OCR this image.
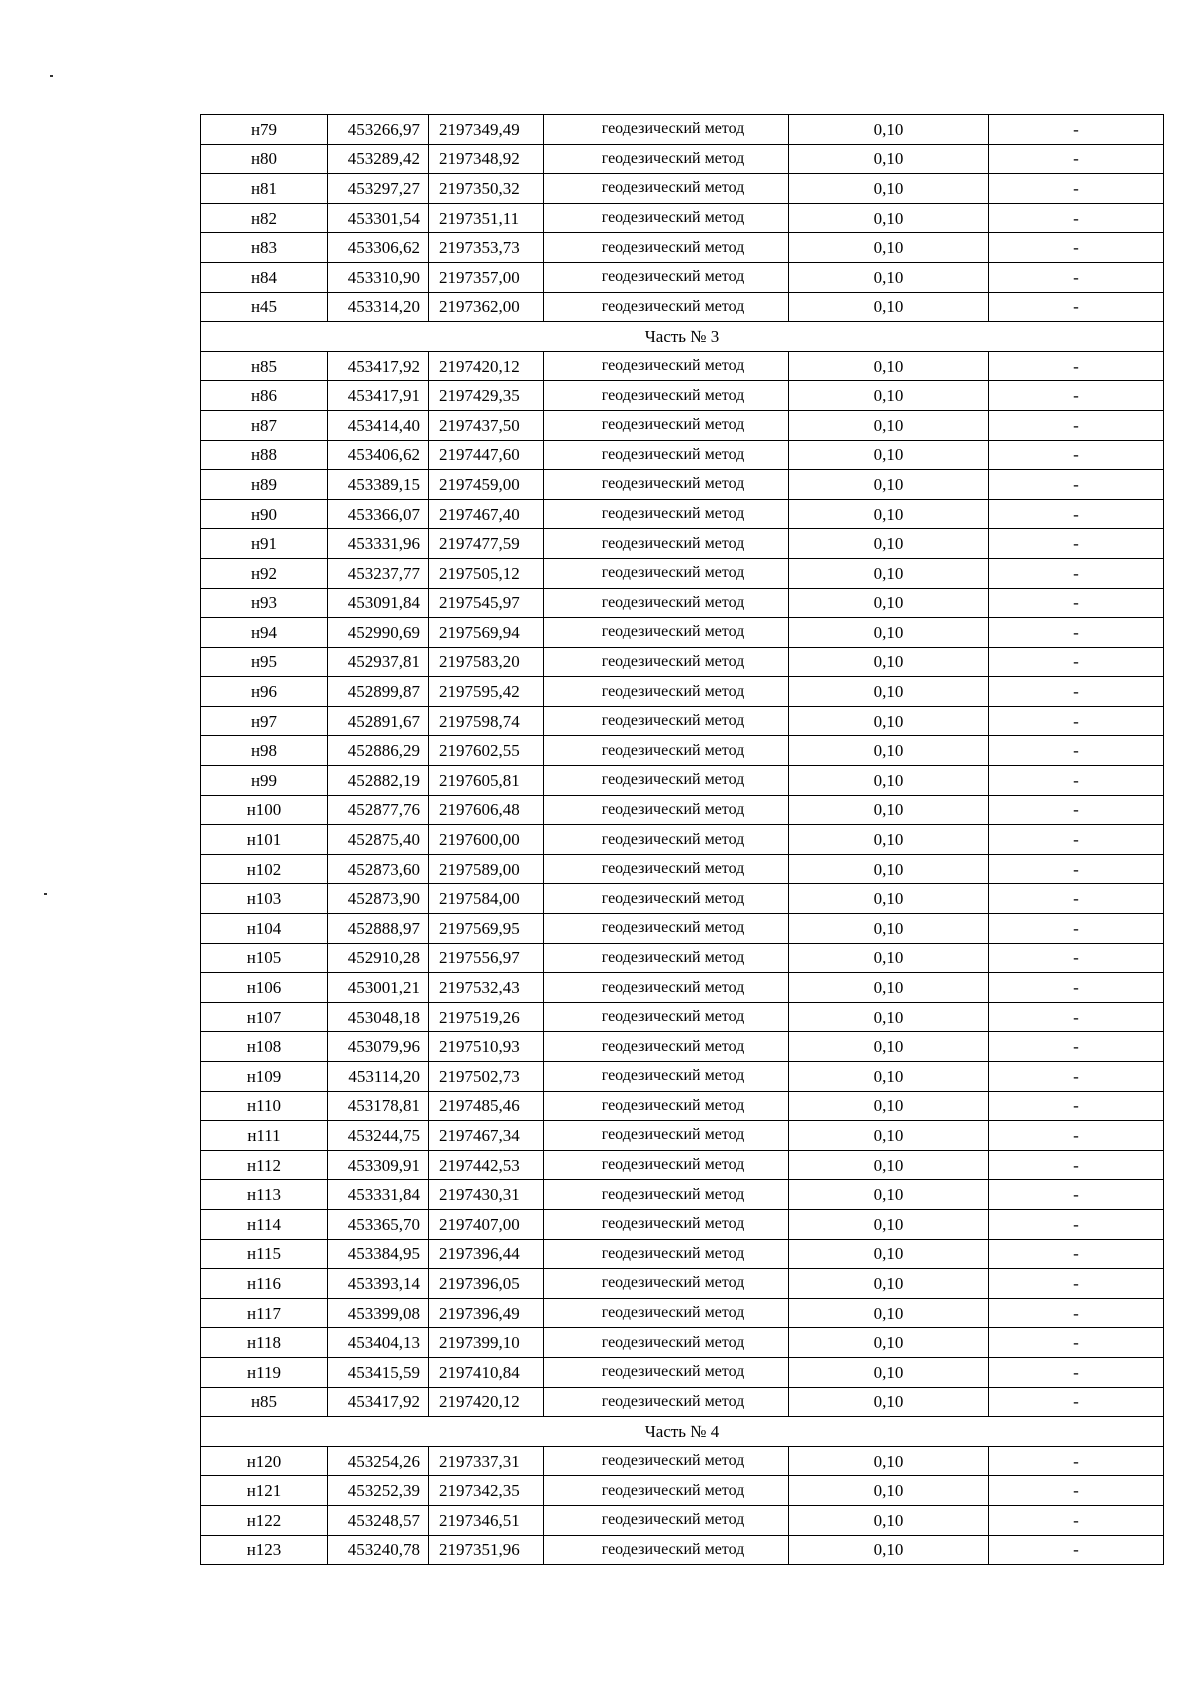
н79	453266,97	2197349,49	геодезический метод	0,10	-
н80	453289,42	2197348,92	геодезический метод	0,10	-
н81	453297,27	2197350,32	геодезический метод	0,10	-
н82	453301,54	2197351,11	геодезический метод	0,10	-
н83	453306,62	2197353,73	геодезический метод	0,10	-
н84	453310,90	2197357,00	геодезический метод	0,10	-
н45	453314,20	2197362,00	геодезический метод	0,10	-
Часть № 3					
н85	453417,92	2197420,12	геодезический метод	0,10	-
н86	453417,91	2197429,35	геодезический метод	0,10	-
н87	453414,40	2197437,50	геодезический метод	0,10	-
н88	453406,62	2197447,60	геодезический метод	0,10	-
н89	453389,15	2197459,00	геодезический метод	0,10	-
н90	453366,07	2197467,40	геодезический метод	0,10	-
н91	453331,96	2197477,59	геодезический метод	0,10	-
н92	453237,77	2197505,12	геодезический метод	0,10	-
н93	453091,84	2197545,97	геодезический метод	0,10	-
н94	452990,69	2197569,94	геодезический метод	0,10	-
н95	452937,81	2197583,20	геодезический метод	0,10	-
н96	452899,87	2197595,42	геодезический метод	0,10	-
н97	452891,67	2197598,74	геодезический метод	0,10	-
н98	452886,29	2197602,55	геодезический метод	0,10	-
н99	452882,19	2197605,81	геодезический метод	0,10	-
н100	452877,76	2197606,48	геодезический метод	0,10	-
н101	452875,40	2197600,00	геодезический метод	0,10	-
н102	452873,60	2197589,00	геодезический метод	0,10	-
н103	452873,90	2197584,00	геодезический метод	0,10	-
н104	452888,97	2197569,95	геодезический метод	0,10	-
н105	452910,28	2197556,97	геодезический метод	0,10	-
н106	453001,21	2197532,43	геодезический метод	0,10	-
н107	453048,18	2197519,26	геодезический метод	0,10	-
н108	453079,96	2197510,93	геодезический метод	0,10	-
н109	453114,20	2197502,73	геодезический метод	0,10	-
н110	453178,81	2197485,46	геодезический метод	0,10	-
н111	453244,75	2197467,34	геодезический метод	0,10	-
н112	453309,91	2197442,53	геодезический метод	0,10	-
н113	453331,84	2197430,31	геодезический метод	0,10	-
н114	453365,70	2197407,00	геодезический метод	0,10	-
н115	453384,95	2197396,44	геодезический метод	0,10	-
н116	453393,14	2197396,05	геодезический метод	0,10	-
н117	453399,08	2197396,49	геодезический метод	0,10	-
н118	453404,13	2197399,10	геодезический метод	0,10	-
н119	453415,59	2197410,84	геодезический метод	0,10	-
н85	453417,92	2197420,12	геодезический метод	0,10	-
Часть № 4					
н120	453254,26	2197337,31	геодезический метод	0,10	-
н121	453252,39	2197342,35	геодезический метод	0,10	-
н122	453248,57	2197346,51	геодезический метод	0,10	-
н123	453240,78	2197351,96	геодезический метод	0,10	-
